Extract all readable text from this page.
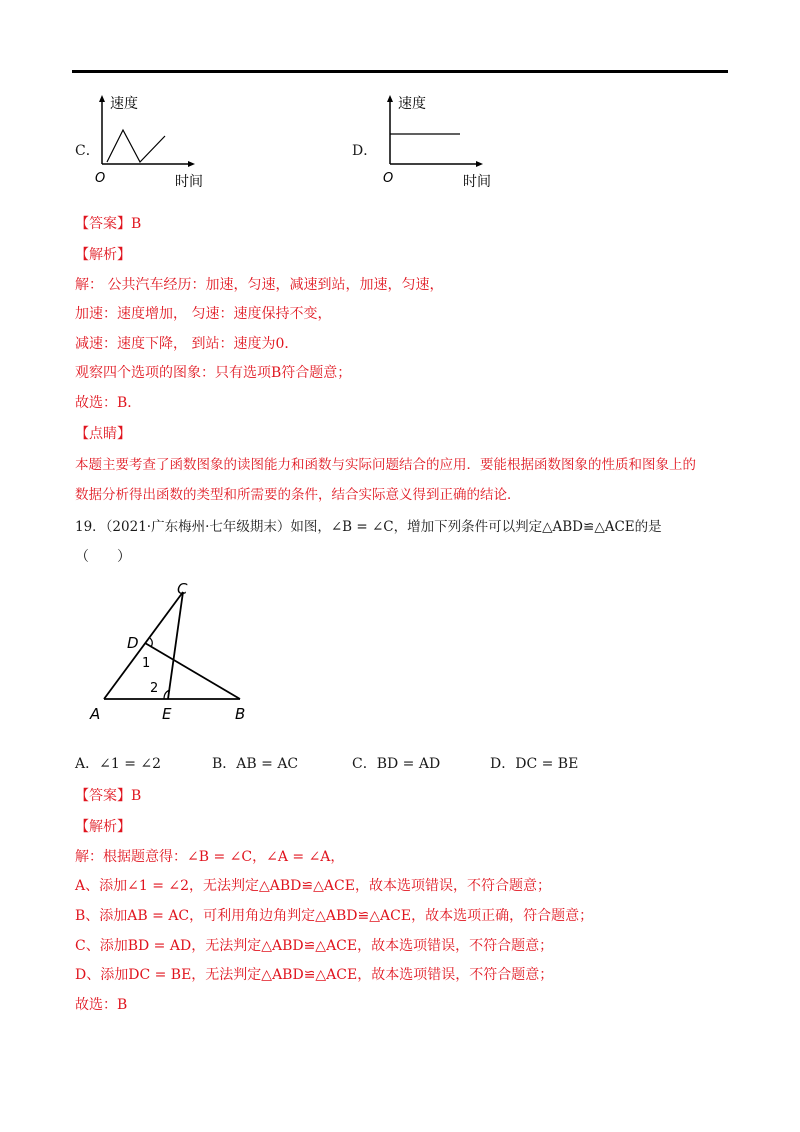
C．
速度
O	时间
D．
速度
O	时间
【答案】B
【解析】
解： 公共汽车经历：加速，匀速，减速到站，加速，匀速，
加速：速度增加， 匀速：速度保持不变，
减速：速度下降， 到站：速度为0．
观察四个选项的图象：只有选项B符合题意；
故选：B．
【点睛】
本题主要考查了函数图象的读图能力和函数与实际问题结合的应用．要能根据函数图象的性质和图象上的
数据分析得出函数的类型和所需要的条件，结合实际意义得到正确的结论．
19．（2021·广东梅州·七年级期末）如图，∠B = ∠C，增加下列条件可以判定△ABD≌△ACE的是
（　　）
C
D
1
2
A	E	B
A．∠1 = ∠2	B．AB = AC	C．BD = AD	D．DC = BE
【答案】B
【解析】
解：根据题意得：∠B = ∠C，∠A = ∠A，
A、添加∠1 = ∠2，无法判定△ABD≌△ACE，故本选项错误，不符合题意；
B、添加AB = AC，可利用角边角判定△ABD≌△ACE，故本选项正确，符合题意；
C、添加BD = AD，无法判定△ABD≌△ACE，故本选项错误，不符合题意；
D、添加DC = BE，无法判定△ABD≌△ACE，故本选项错误，不符合题意；
故选：B
